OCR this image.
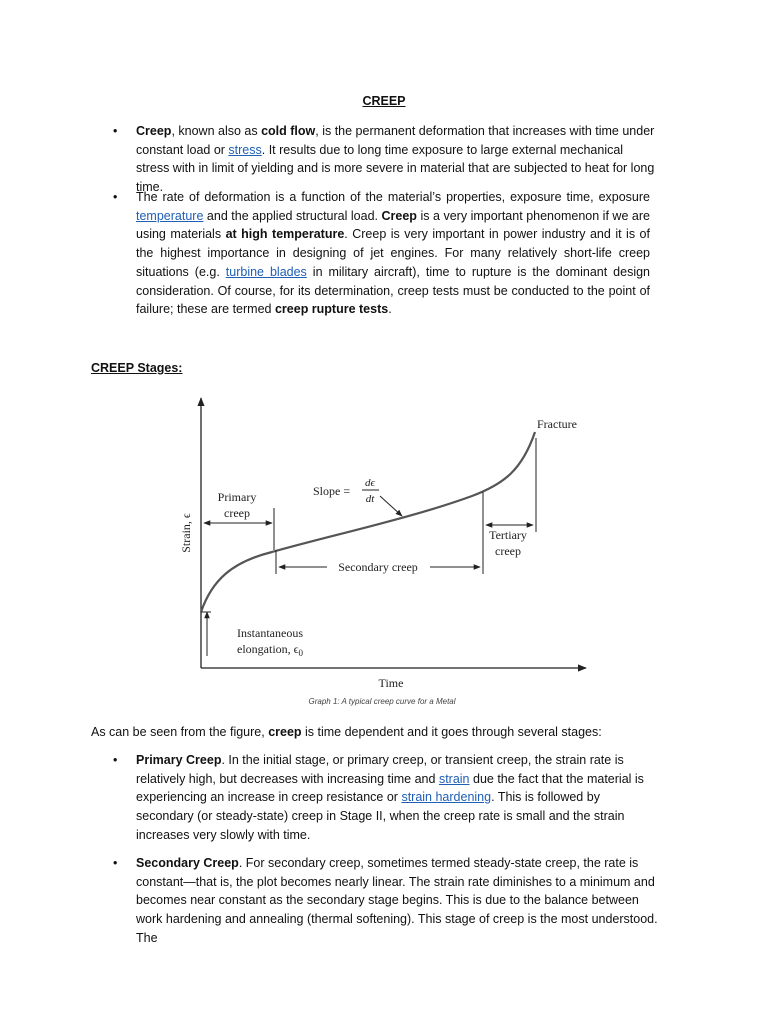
CREEP
• Creep, known also as cold flow, is the permanent deformation that increases with time under constant load or stress. It results due to long time exposure to large external mechanical stress with in limit of yielding and is more severe in material that are subjected to heat for long time.
• The rate of deformation is a function of the material’s properties, exposure time, exposure temperature and the applied structural load. Creep is a very important phenomenon if we are using materials at high temperature. Creep is very important in power industry and it is of the highest importance in designing of jet engines. For many relatively short-life creep situations (e.g. turbine blades in military aircraft), time to rupture is the dominant design consideration. Of course, for its determination, creep tests must be conducted to the point of failure; these are termed creep rupture tests.
CREEP Stages:
Primary
creep
Secondary creep
Tertiary
creep
Fracture
Slope =
dϵ
dt
Strain, ϵ
Instantaneous
elongation, $\epsilon_0$
Time
Graph 1: A typical creep curve for a Metal
As can be seen from the figure, creep is time dependent and it goes through several stages:
• Primary Creep. In the initial stage, or primary creep, or transient creep, the strain rate is relatively high, but decreases with increasing time and strain due the fact that the material is experiencing an increase in creep resistance or strain hardening. This is followed by secondary (or steady-state) creep in Stage II, when the creep rate is small and the strain increases very slowly with time.
• Secondary Creep. For secondary creep, sometimes termed steady-state creep, the rate is constant—that is, the plot becomes nearly linear. The strain rate diminishes to a minimum and becomes near constant as the secondary stage begins. This is due to the balance between work hardening and annealing (thermal softening). This stage of creep is the most understood. The
